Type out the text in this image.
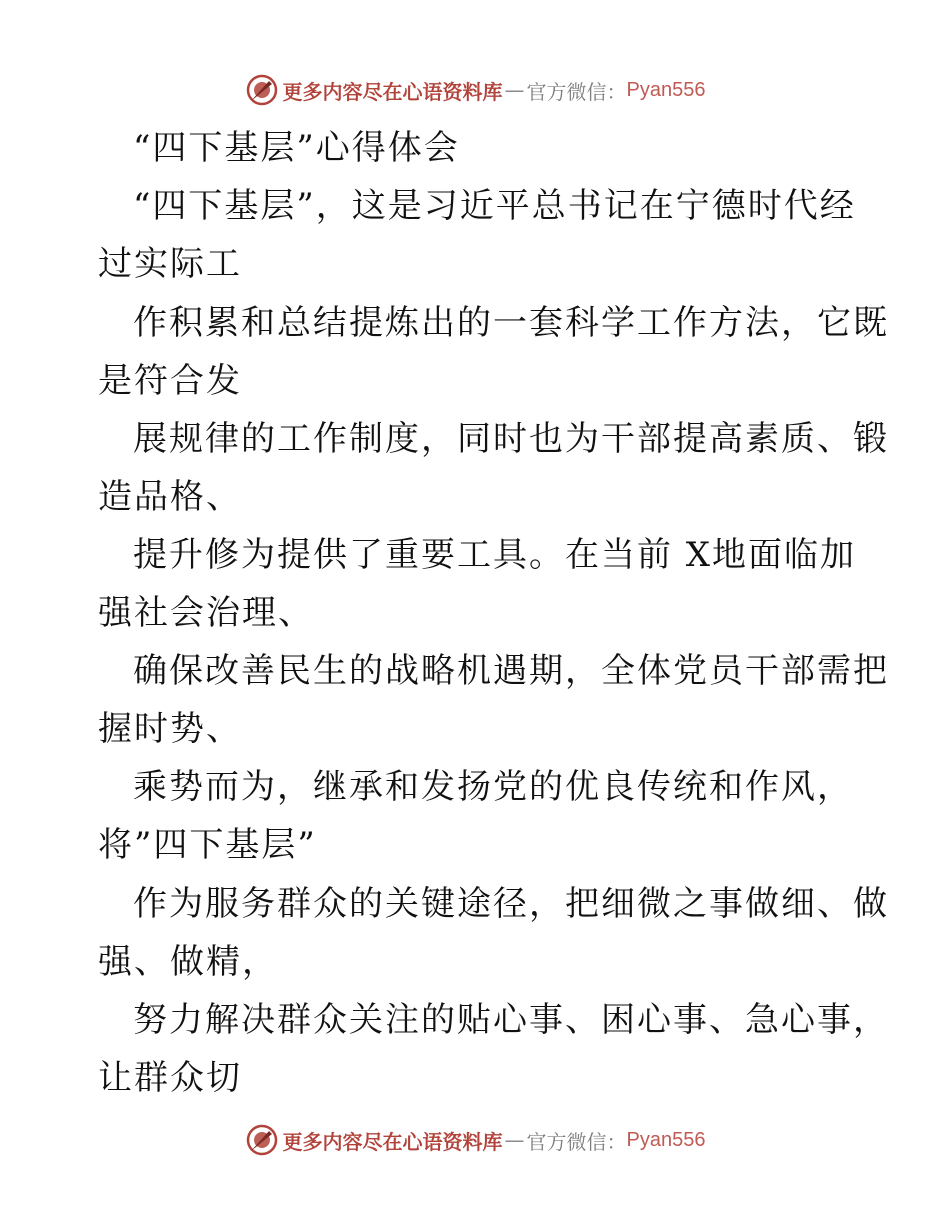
更多内容尽在心语资料库 — 官方微信： Pyan556
“四下基层”心得体会
“四下基层”，这是习近平总书记在宁德时代经
过实际工
作积累和总结提炼出的一套科学工作方法，它既
是符合发
展规律的工作制度，同时也为干部提高素质、锻
造品格、
提升修为提供了重要工具。在当前 X地面临加
强社会治理、
确保改善民生的战略机遇期，全体党员干部需把
握时势、
乘势而为，继承和发扬党的优良传统和作风，
将”四下基层”
作为服务群众的关键途径，把细微之事做细、做
强、做精，
努力解决群众关注的贴心事、困心事、急心事，
让群众切
更多内容尽在心语资料库 — 官方微信： Pyan556
